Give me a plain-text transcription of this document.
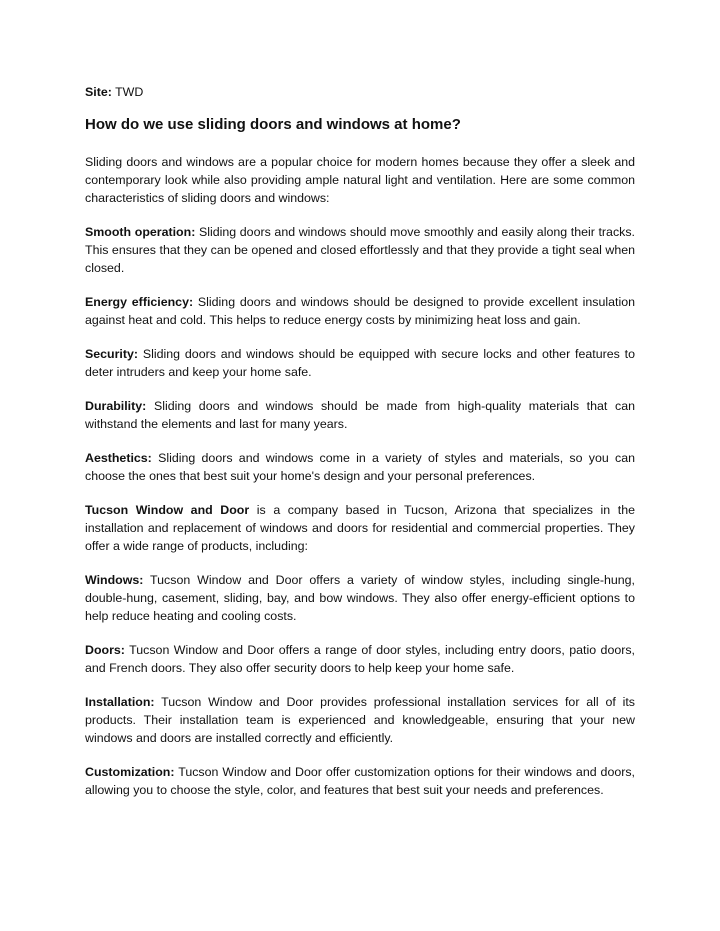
Site: TWD

How do we use sliding doors and windows at home?

Sliding doors and windows are a popular choice for modern homes because they offer a sleek and contemporary look while also providing ample natural light and ventilation. Here are some common characteristics of sliding doors and windows:

Smooth operation: Sliding doors and windows should move smoothly and easily along their tracks. This ensures that they can be opened and closed effortlessly and that they provide a tight seal when closed.

Energy efficiency: Sliding doors and windows should be designed to provide excellent insulation against heat and cold. This helps to reduce energy costs by minimizing heat loss and gain.

Security: Sliding doors and windows should be equipped with secure locks and other features to deter intruders and keep your home safe.

Durability: Sliding doors and windows should be made from high-quality materials that can withstand the elements and last for many years.

Aesthetics: Sliding doors and windows come in a variety of styles and materials, so you can choose the ones that best suit your home's design and your personal preferences.

Tucson Window and Door is a company based in Tucson, Arizona that specializes in the installation and replacement of windows and doors for residential and commercial properties. They offer a wide range of products, including:

Windows: Tucson Window and Door offers a variety of window styles, including single-hung, double-hung, casement, sliding, bay, and bow windows. They also offer energy-efficient options to help reduce heating and cooling costs.

Doors: Tucson Window and Door offers a range of door styles, including entry doors, patio doors, and French doors. They also offer security doors to help keep your home safe.

Installation: Tucson Window and Door provides professional installation services for all of its products. Their installation team is experienced and knowledgeable, ensuring that your new windows and doors are installed correctly and efficiently.

Customization: Tucson Window and Door offer customization options for their windows and doors, allowing you to choose the style, color, and features that best suit your needs and preferences.
